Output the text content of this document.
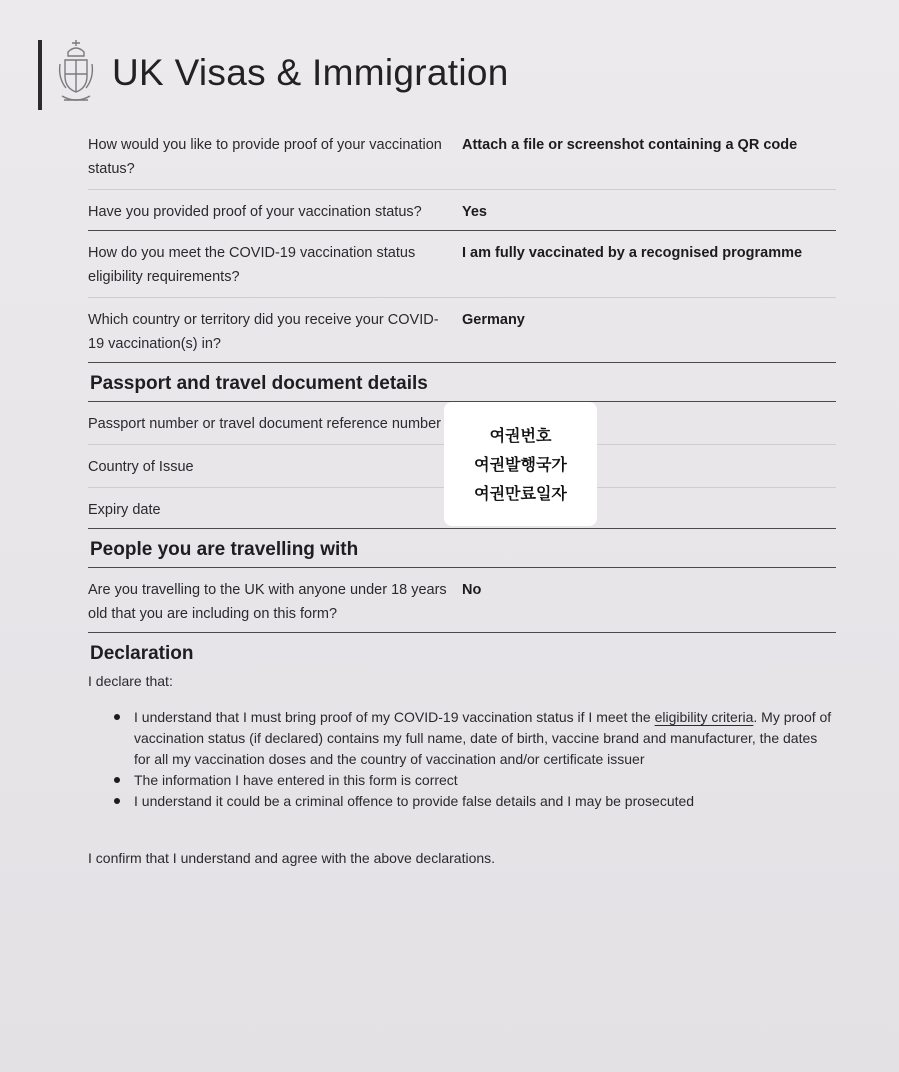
UK Visas & Immigration
How would you like to provide proof of your vaccination status?
Attach a file or screenshot containing a QR code
Have you provided proof of your vaccination status?	Yes
How do you meet the COVID-19 vaccination status eligibility requirements?
I am fully vaccinated by a recognised programme
Which country or territory did you receive your COVID-19 vaccination(s) in?
Germany
Passport and travel document details
Passport number or travel document reference number
Country of Issue
Expiry date
여권번호
여권발행국가
여권만료일자
People you are travelling with
Are you travelling to the UK with anyone under 18 years old that you are including on this form?
No
Declaration
I declare that:
I understand that I must bring proof of my COVID-19 vaccination status if I meet the eligibility criteria. My proof of vaccination status (if declared) contains my full name, date of birth, vaccine brand and manufacturer, the dates for all my vaccination doses and the country of vaccination and/or certificate issuer
The information I have entered in this form is correct
I understand it could be a criminal offence to provide false details and I may be prosecuted
I confirm that I understand and agree with the above declarations.
